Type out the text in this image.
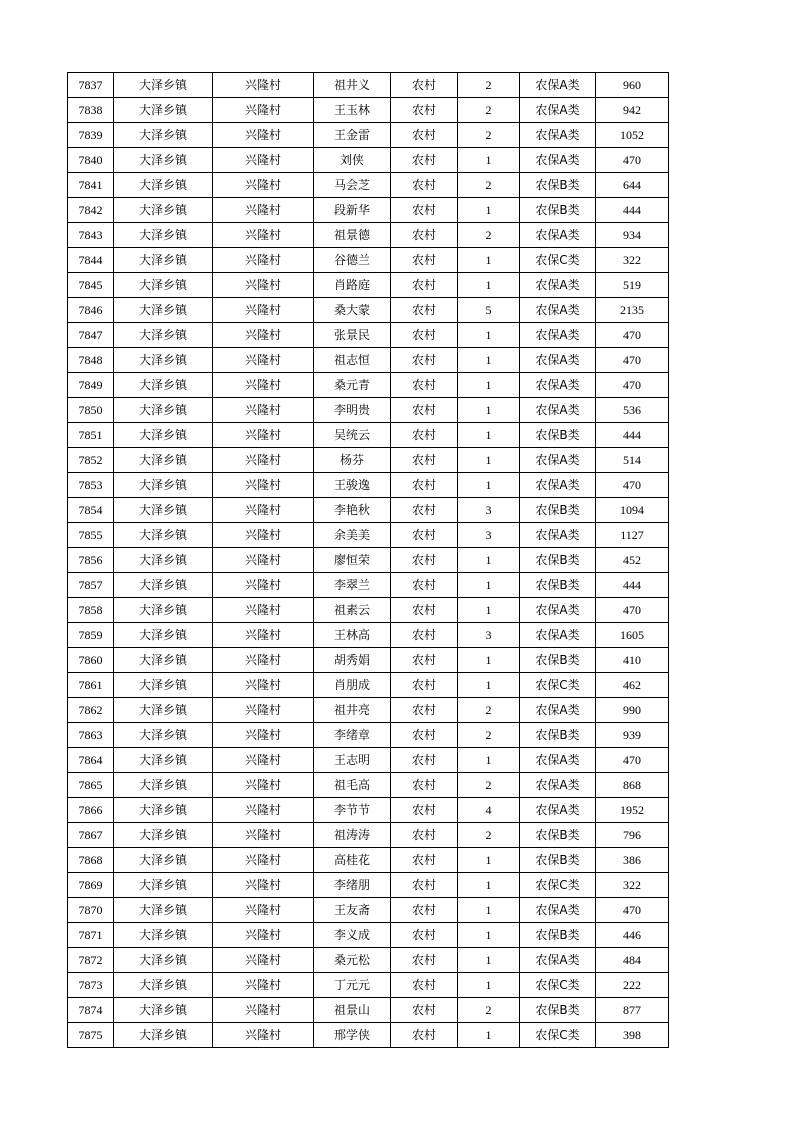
7837	大泽乡镇	兴隆村	祖井义	农村	2	农保A类	960
7838	大泽乡镇	兴隆村	王玉林	农村	2	农保A类	942
7839	大泽乡镇	兴隆村	王金雷	农村	2	农保A类	1052
7840	大泽乡镇	兴隆村	刘侠	农村	1	农保A类	470
7841	大泽乡镇	兴隆村	马会芝	农村	2	农保B类	644
7842	大泽乡镇	兴隆村	段新华	农村	1	农保B类	444
7843	大泽乡镇	兴隆村	祖景德	农村	2	农保A类	934
7844	大泽乡镇	兴隆村	谷德兰	农村	1	农保C类	322
7845	大泽乡镇	兴隆村	肖路庭	农村	1	农保A类	519
7846	大泽乡镇	兴隆村	桑大蒙	农村	5	农保A类	2135
7847	大泽乡镇	兴隆村	张景民	农村	1	农保A类	470
7848	大泽乡镇	兴隆村	祖志恒	农村	1	农保A类	470
7849	大泽乡镇	兴隆村	桑元青	农村	1	农保A类	470
7850	大泽乡镇	兴隆村	李明贵	农村	1	农保A类	536
7851	大泽乡镇	兴隆村	吴统云	农村	1	农保B类	444
7852	大泽乡镇	兴隆村	杨芬	农村	1	农保A类	514
7853	大泽乡镇	兴隆村	王骏逸	农村	1	农保A类	470
7854	大泽乡镇	兴隆村	李艳秋	农村	3	农保B类	1094
7855	大泽乡镇	兴隆村	余美美	农村	3	农保A类	1127
7856	大泽乡镇	兴隆村	廖恒荣	农村	1	农保B类	452
7857	大泽乡镇	兴隆村	李翠兰	农村	1	农保B类	444
7858	大泽乡镇	兴隆村	祖素云	农村	1	农保A类	470
7859	大泽乡镇	兴隆村	王林高	农村	3	农保A类	1605
7860	大泽乡镇	兴隆村	胡秀娟	农村	1	农保B类	410
7861	大泽乡镇	兴隆村	肖朋成	农村	1	农保C类	462
7862	大泽乡镇	兴隆村	祖井亮	农村	2	农保A类	990
7863	大泽乡镇	兴隆村	李绪章	农村	2	农保B类	939
7864	大泽乡镇	兴隆村	王志明	农村	1	农保A类	470
7865	大泽乡镇	兴隆村	祖毛高	农村	2	农保A类	868
7866	大泽乡镇	兴隆村	李节节	农村	4	农保A类	1952
7867	大泽乡镇	兴隆村	祖涛涛	农村	2	农保B类	796
7868	大泽乡镇	兴隆村	高桂花	农村	1	农保B类	386
7869	大泽乡镇	兴隆村	李绪朋	农村	1	农保C类	322
7870	大泽乡镇	兴隆村	王友斋	农村	1	农保A类	470
7871	大泽乡镇	兴隆村	李义成	农村	1	农保B类	446
7872	大泽乡镇	兴隆村	桑元松	农村	1	农保A类	484
7873	大泽乡镇	兴隆村	丁元元	农村	1	农保C类	222
7874	大泽乡镇	兴隆村	祖景山	农村	2	农保B类	877
7875	大泽乡镇	兴隆村	邢学侠	农村	1	农保C类	398
